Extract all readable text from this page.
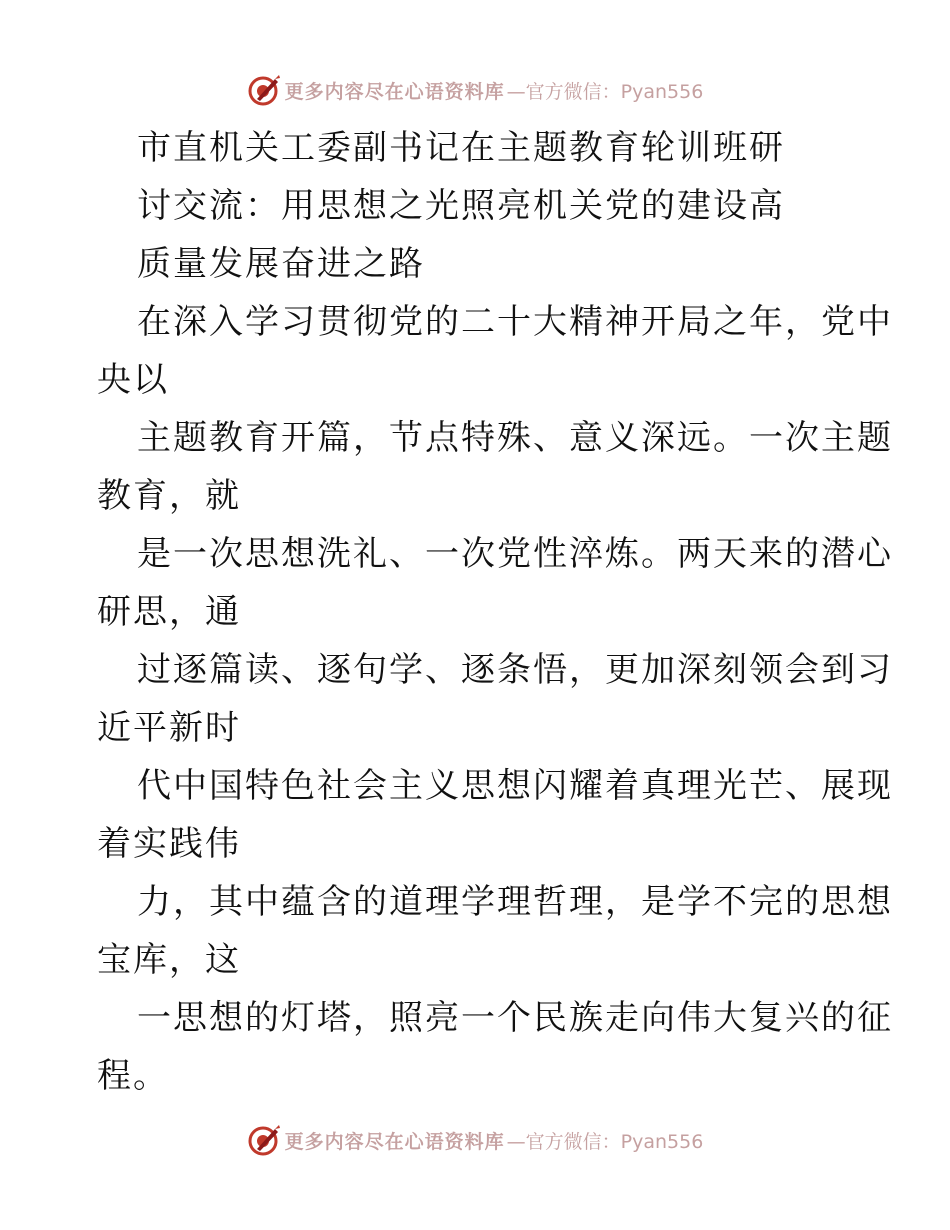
更多内容尽在心语资料库 —官方微信：Pyan556
市直机关工委副书记在主题教育轮训班研
讨交流：用思想之光照亮机关党的建设高
质量发展奋进之路
在深入学习贯彻党的二十大精神开局之年，党中
央以
主题教育开篇，节点特殊、意义深远。一次主题
教育，就
是一次思想洗礼、一次党性淬炼。两天来的潜心
研思，通
过逐篇读、逐句学、逐条悟，更加深刻领会到习
近平新时
代中国特色社会主义思想闪耀着真理光芒、展现
着实践伟
力，其中蕴含的道理学理哲理，是学不完的思想
宝库，这
一思想的灯塔，照亮一个民族走向伟大复兴的征
程。
更多内容尽在心语资料库 —官方微信：Pyan556
